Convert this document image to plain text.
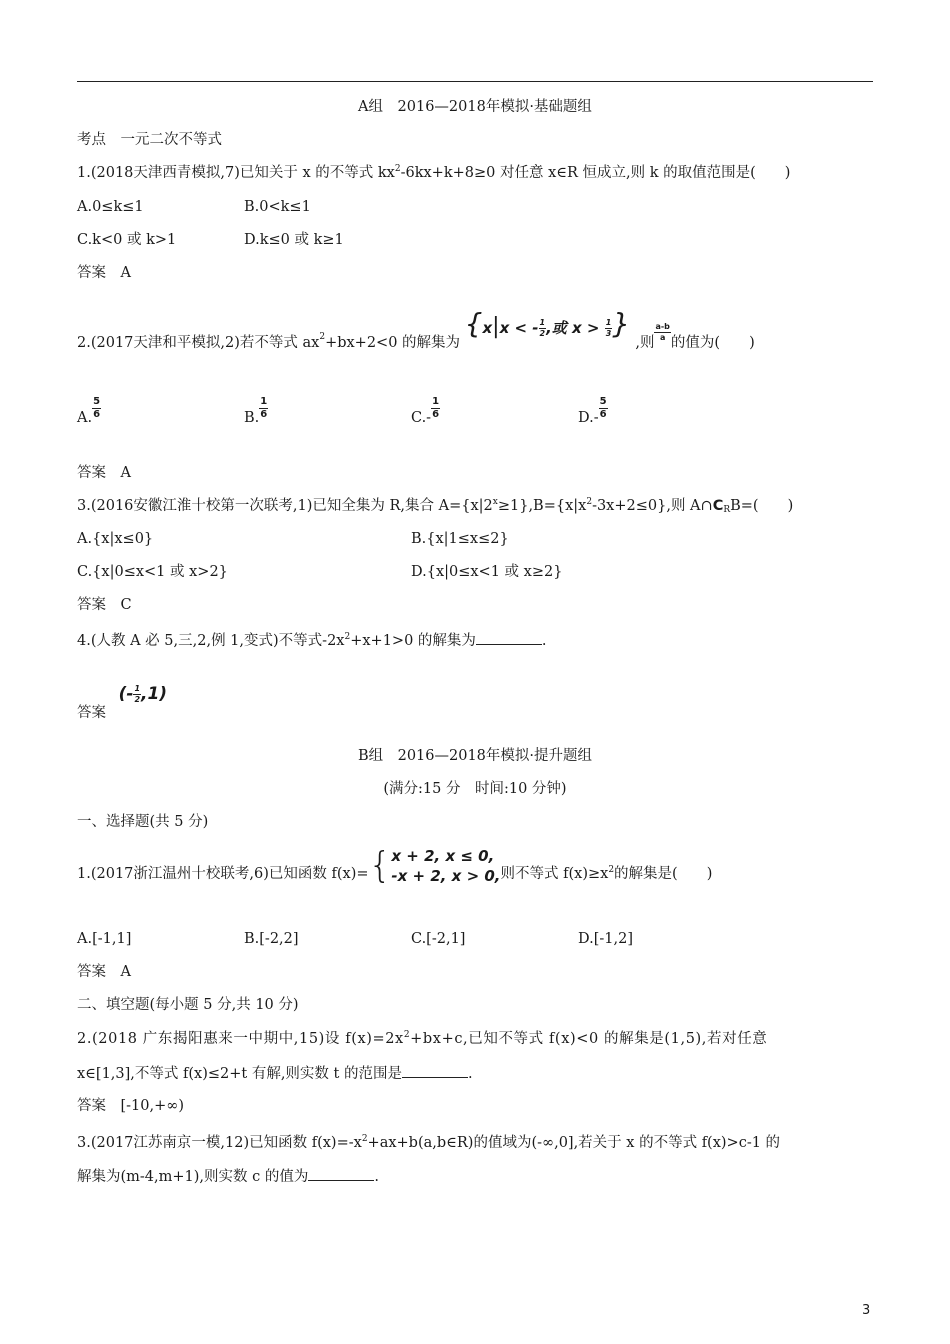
A组　2016—2018年模拟·基础题组
考点　一元二次不等式
1.(2018天津西青模拟,7)已知关于 x 的不等式 $kx^2-6kx+k+8\ge 0$ 对任意 x∈R 恒成立,则 k 的取值范围是(　　)
A.0≤k≤1	B.0<k≤1
C.k<0 或 k>1	D.k≤0 或 k≥1
答案　A
2.(2017天津和平模拟,2)若不等式 $ax^2+bx+2<0$ 的解集为 {x|x < - $\frac{1}{2}$ ,或 $x > \frac{1}{3}$ } ,则
$\frac{a-b}{a}$
的值为(　　)
A. $\frac{5}{6}$	B. $\frac{1}{6}$	$C.- \frac{1}{6}$	$D.- \frac{5}{6}$
答案　A
3.(2016安徽江淮十校第一次联考,1)已知全集为 R,集合 $A=\{x|2^x\ge 1\},B=\{x|x^2-3x+2\le 0\}$,则 $A\cap C_RB=$(　　)
A.{x|x≤0}	B.{x|1≤x≤2}
C.{x|0≤x<1 或 x>2}	D.{x|0≤x<1 或 x≥2}
答案　C
4.(人教 A 必 5,三,2,例 1,变式)不等式$-2x^2+x+1>0$ 的解集为	.
答案 (- $\frac{1}{2} ,1$)
B组　2016—2018年模拟·提升题组
(满分:15 分　时间:10 分钟)
一、选择题(共 5 分)
1.(2017浙江温州十校联考,6)已知函数 f(x)={ x + 2, x ≤ 0,
-x + 2, x > 0, 则不等式 $f(x)\ge x^2$的解集是(　　)
A.[-1,1]	B.[-2,2]	C.[-2,1]	D.[-1,2]
答案　A
二、填空题(每小题 5 分,共 10 分)
2.(2018 广东揭阳惠来一中期中,15)设 $f(x)=2x^2+bx+c$,已知不等式 f(x)<0 的解集是(1,5),若对任意
x∈[1,3],不等式 f(x)≤2+t 有解,则实数 t 的范围是	.
答案　[-10,+∞)
3.(2017江苏南京一模,12)已知函数 $f(x)=-x^2+ax+b(a,b\in R)$的值域为(-∞,0],若关于 x 的不等式 f(x)>c-1 的
解集为(m-4,m+1),则实数 c 的值为	.
3
